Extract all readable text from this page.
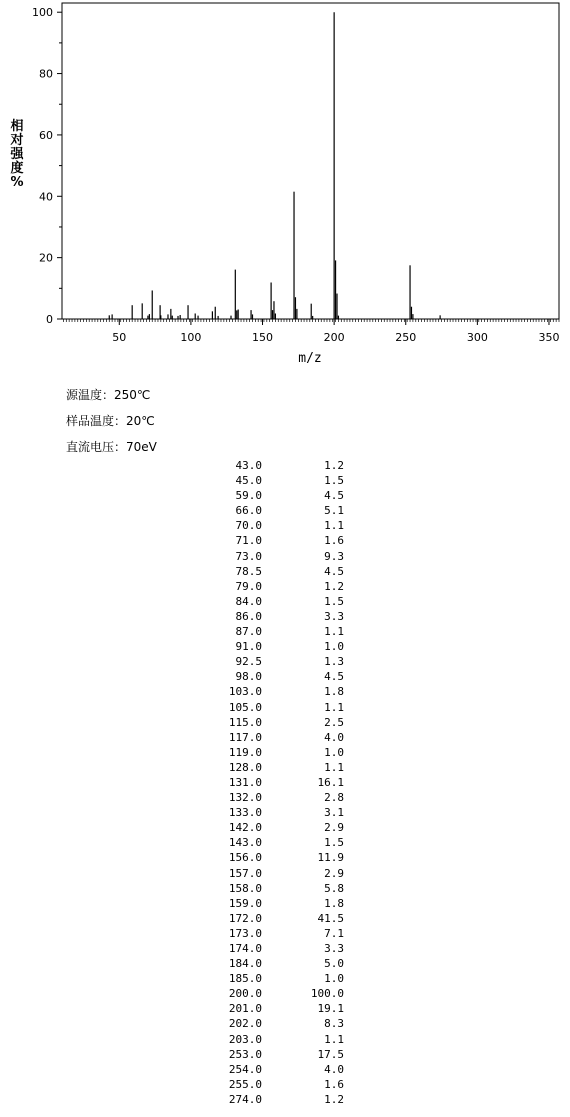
0
20
40
60
80
100
50	100	150	200	250	300	350
m/z
相
对
强
度
%
源温度：250℃
样品温度：20℃
直流电压：70eV
43.0	1.2
45.0	1.5
59.0	4.5
66.0	5.1
70.0	1.1
71.0	1.6
73.0	9.3
78.5	4.5
79.0	1.2
84.0	1.5
86.0	3.3
87.0	1.1
91.0	1.0
92.5	1.3
98.0	4.5
103.0	1.8
105.0	1.1
115.0	2.5
117.0	4.0
119.0	1.0
128.0	1.1
131.0	16.1
132.0	2.8
133.0	3.1
142.0	2.9
143.0	1.5
156.0	11.9
157.0	2.9
158.0	5.8
159.0	1.8
172.0	41.5
173.0	7.1
174.0	3.3
184.0	5.0
185.0	1.0
200.0	100.0
201.0	19.1
202.0	8.3
203.0	1.1
253.0	17.5
254.0	4.0
255.0	1.6
274.0	1.2
